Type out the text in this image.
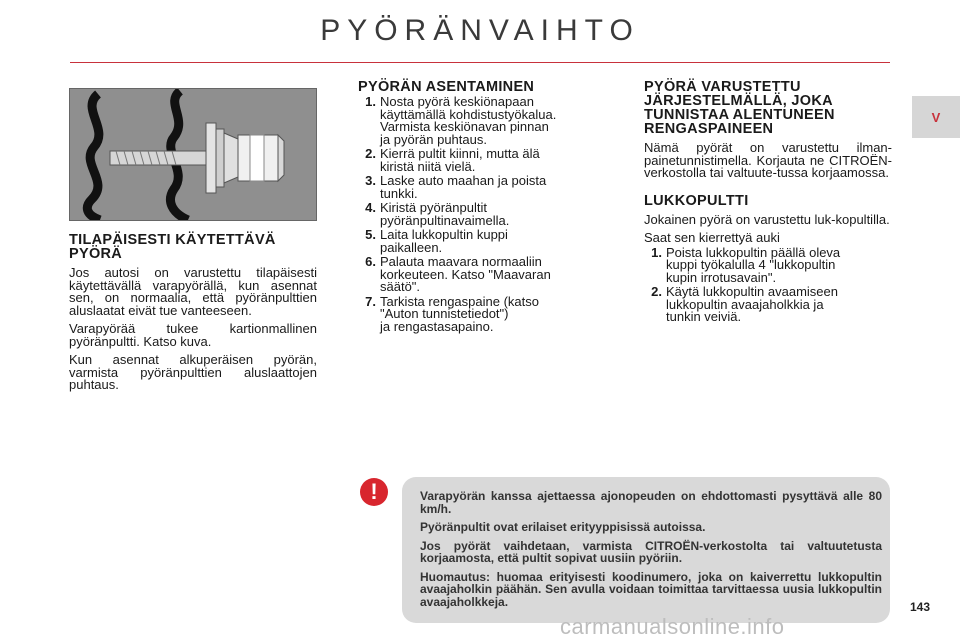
PYÖRÄNVAIHTO
V
TILAPÄISESTI KÄYTETTÄVÄ PYÖRÄ

Jos autosi on varustettu tilapäisesti käytettävällä varapyörällä, kun asennat sen, on normaalia, että pyöränpulttien aluslaatat eivät tue vanteeseen.

Varapyörää tukee kartionmallinen pyöränpultti. Katso kuva.

Kun asennat alkuperäisen pyörän, varmista pyöränpulttien aluslaattojen puhtaus.

PYÖRÄN ASENTAMINEN
1. Nosta pyörä keskiönapaan
käyttämällä kohdistustyökalua.
Varmista keskiönavan pinnan
ja pyörän puhtaus.
2. Kierrä pultit kiinni, mutta älä
kiristä niitä vielä.
3. Laske auto maahan ja poista
tunkki.
4. Kiristä pyöränpultit
pyöränpultinavaimella.
5. Laita lukkopultin kuppi
paikalleen.
6. Palauta maavara normaaliin
korkeuteen. Katso "Maavaran
säätö".
7. Tarkista rengaspaine (katso
"Auton tunnistetiedot")
ja rengastasapaino.
PYÖRÄ VARUSTETTU JÄRJESTELMÄLLÄ, JOKA TUNNISTAA ALENTUNEEN RENGASPAINEEN

Nämä pyörät on varustettu ilman-painetunnistimella. Korjauta ne CITROËN-verkostolla tai valtuute-tussa korjaamossa.

LUKKOPULTTI

Jokainen pyörä on varustettu luk-kopultilla.

Saat sen kierrettyä auki

1. Poista lukkopultin päällä oleva
kuppi työkalulla 4 "lukkopultin
kupin irrotusavain".
2. Käytä lukkopultin avaamiseen
lukkopultin avaajaholkkia ja
tunkin veiviä.
!	Varapyörän kanssa ajettaessa ajonopeuden on ehdottomasti pysyttävä alle 80 km/h.

Pyöränpultit ovat erilaiset erityyppisissä autoissa.

Jos pyörät vaihdetaan, varmista CITROËN-verkostolta tai valtuutetusta korjaamosta, että pultit sopivat uusiin pyöriin.

Huomautus: huomaa erityisesti koodinumero, joka on kaiverrettu lukkopultin avaajaholkin päähän. Sen avulla voidaan toimittaa tarvittaessa uusia lukkopultin avaajaholkkeja.	143
carmanualsonline.info
